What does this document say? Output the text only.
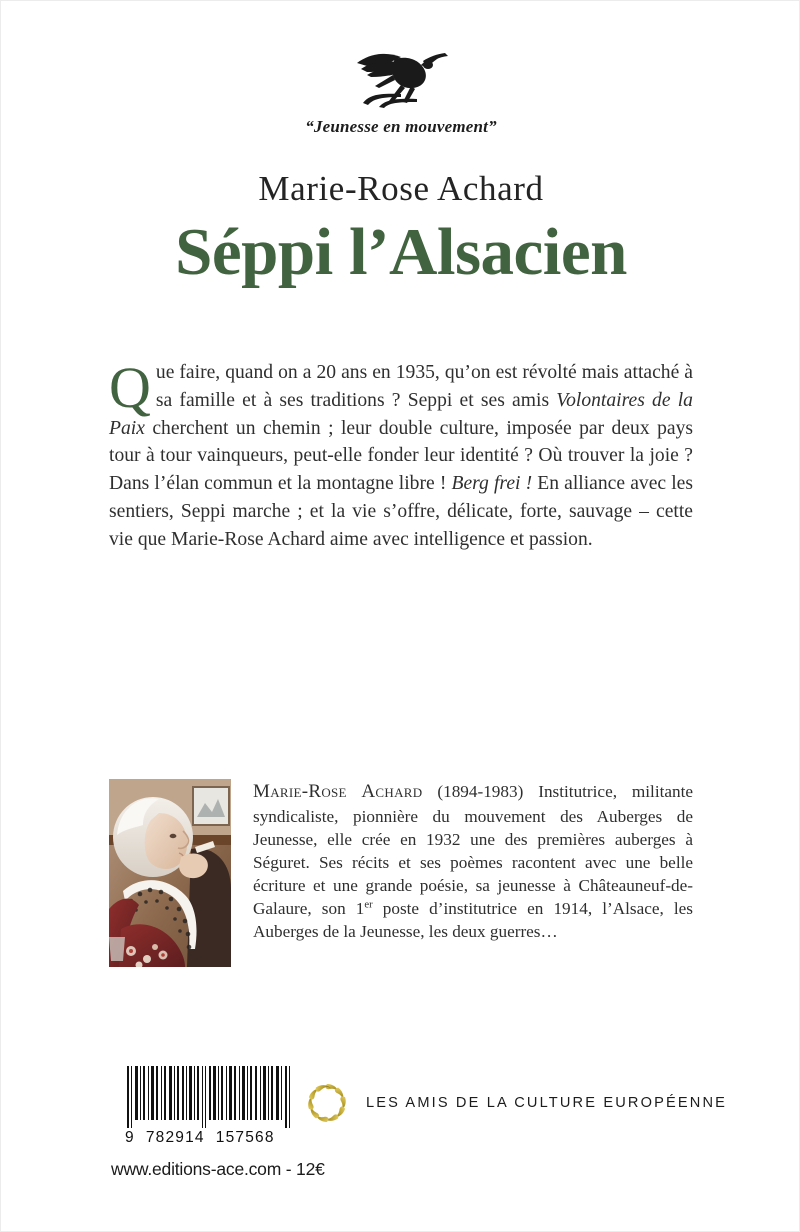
“Jeunesse en mouvement”
Marie-Rose Achard
Séppi l’Alsacien
Que faire, quand on a 20 ans en 1935, qu’on est révolté mais attaché à sa famille et à ses traditions ? Seppi et ses amis Volontaires de la Paix cherchent un chemin ; leur double culture, imposée par deux pays tour à tour vainqueurs, peut-elle fonder leur identité ? Où trouver la joie ? Dans l’élan commun et la montagne libre ! Berg frei ! En alliance avec les sentiers, Seppi marche ; et la vie s’offre, délicate, forte, sauvage – cette vie que Marie-Rose Achard aime avec intelligence et passion.
Marie-Rose Achard (1894-1983) Institutrice, militante syndicaliste, pionnière du mouvement des Auberges de Jeunesse, elle crée en 1932 une des premières auberges à Séguret. Ses récits et ses poèmes racontent avec une belle écriture et une grande poésie, sa jeunesse à Châteauneuf-de-Galaure, son 1er poste d’institutrice en 1914, l’Alsace, les Auberges de la Jeunesse, les deux guerres…
9  782914  157568
www.editions-ace.com - 12€
LES AMIS DE LA CULTURE EUROPÉENNE
